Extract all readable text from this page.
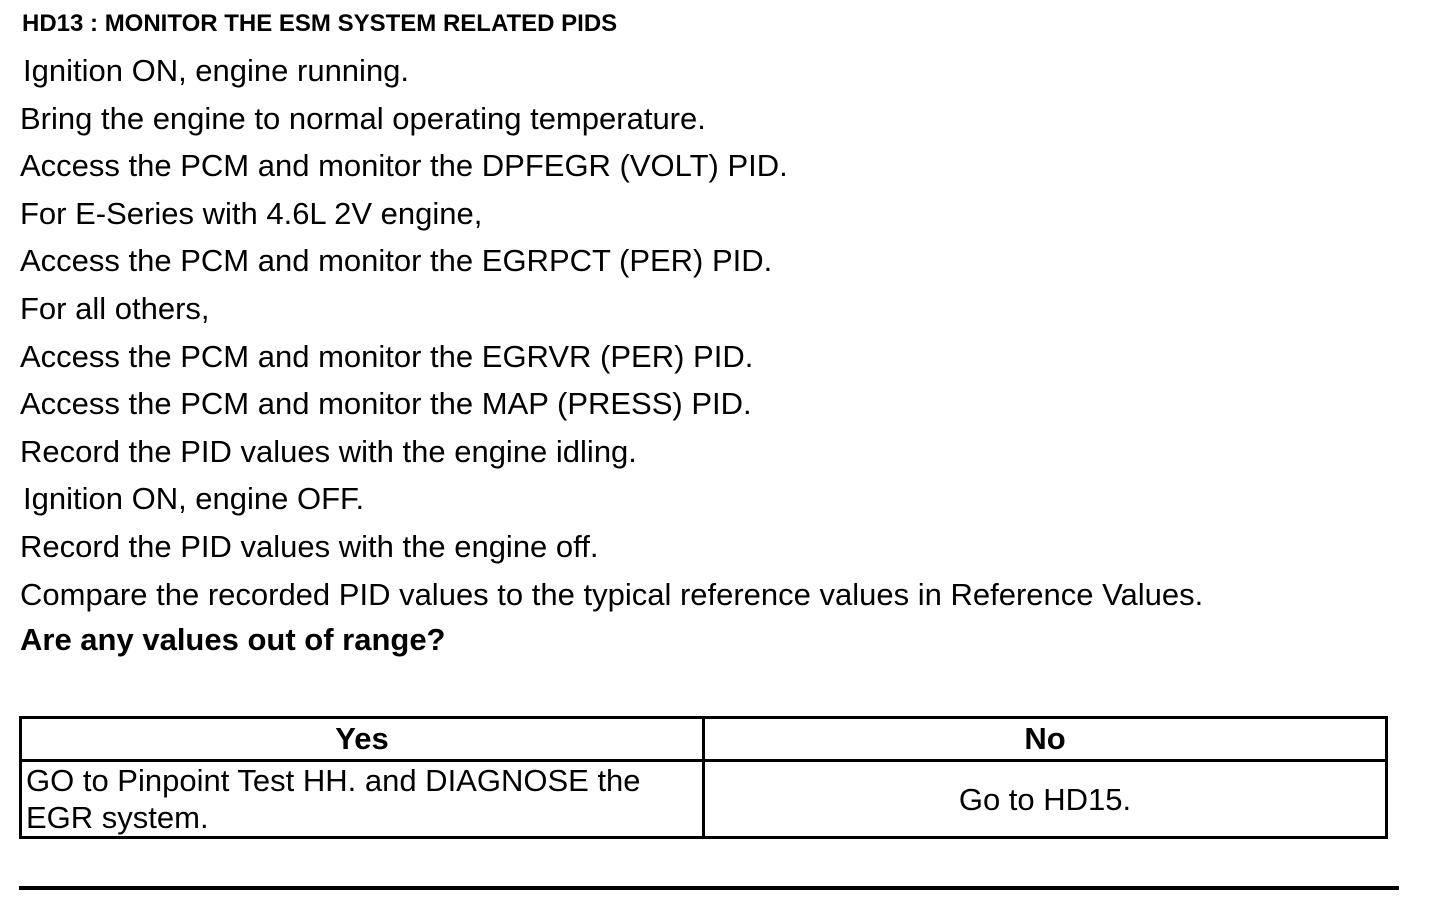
HD13 : MONITOR THE ESM SYSTEM RELATED PIDS
Ignition ON, engine running.
Bring the engine to normal operating temperature.
Access the PCM and monitor the DPFEGR (VOLT) PID.
For E-Series with 4.6L 2V engine,
Access the PCM and monitor the EGRPCT (PER) PID.
For all others,
Access the PCM and monitor the EGRVR (PER) PID.
Access the PCM and monitor the MAP (PRESS) PID.
Record the PID values with the engine idling.
Ignition ON, engine OFF.
Record the PID values with the engine off.
Compare the recorded PID values to the typical reference values in Reference Values.
Are any values out of range?
Yes	No
GO to Pinpoint Test HH. and DIAGNOSE the EGR system.	Go to HD15.
